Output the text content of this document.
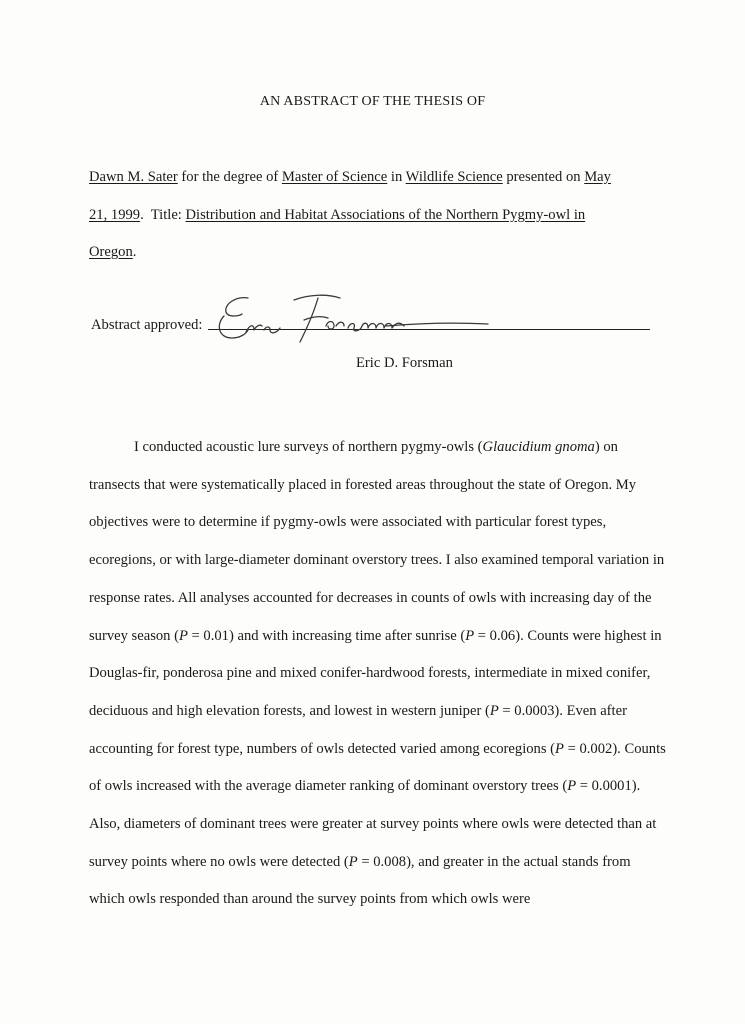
AN ABSTRACT OF THE THESIS OF
Dawn M. Sater for the degree of Master of Science in Wildlife Science presented on May
21, 1999.  Title: Distribution and Habitat Associations of the Northern Pygmy-owl in
Oregon.
Abstract approved:
Eric D. Forsman

I conducted acoustic lure surveys of northern pygmy-owls (Glaucidium gnoma) on transects that were systematically placed in forested areas throughout the state of Oregon. My objectives were to determine if pygmy-owls were associated with particular forest types, ecoregions, or with large-diameter dominant overstory trees. I also examined temporal variation in response rates. All analyses accounted for decreases in counts of owls with increasing day of the survey season (P = 0.01) and with increasing time after sunrise (P = 0.06). Counts were highest in Douglas-fir, ponderosa pine and mixed conifer-hardwood forests, intermediate in mixed conifer, deciduous and high elevation forests, and lowest in western juniper (P = 0.0003). Even after accounting for forest type, numbers of owls detected varied among ecoregions (P = 0.002). Counts of owls increased with the average diameter ranking of dominant overstory trees (P = 0.0001). Also, diameters of dominant trees were greater at survey points where owls were detected than at survey points where no owls were detected (P = 0.008), and greater in the actual stands from which owls responded than around the survey points from which owls were
